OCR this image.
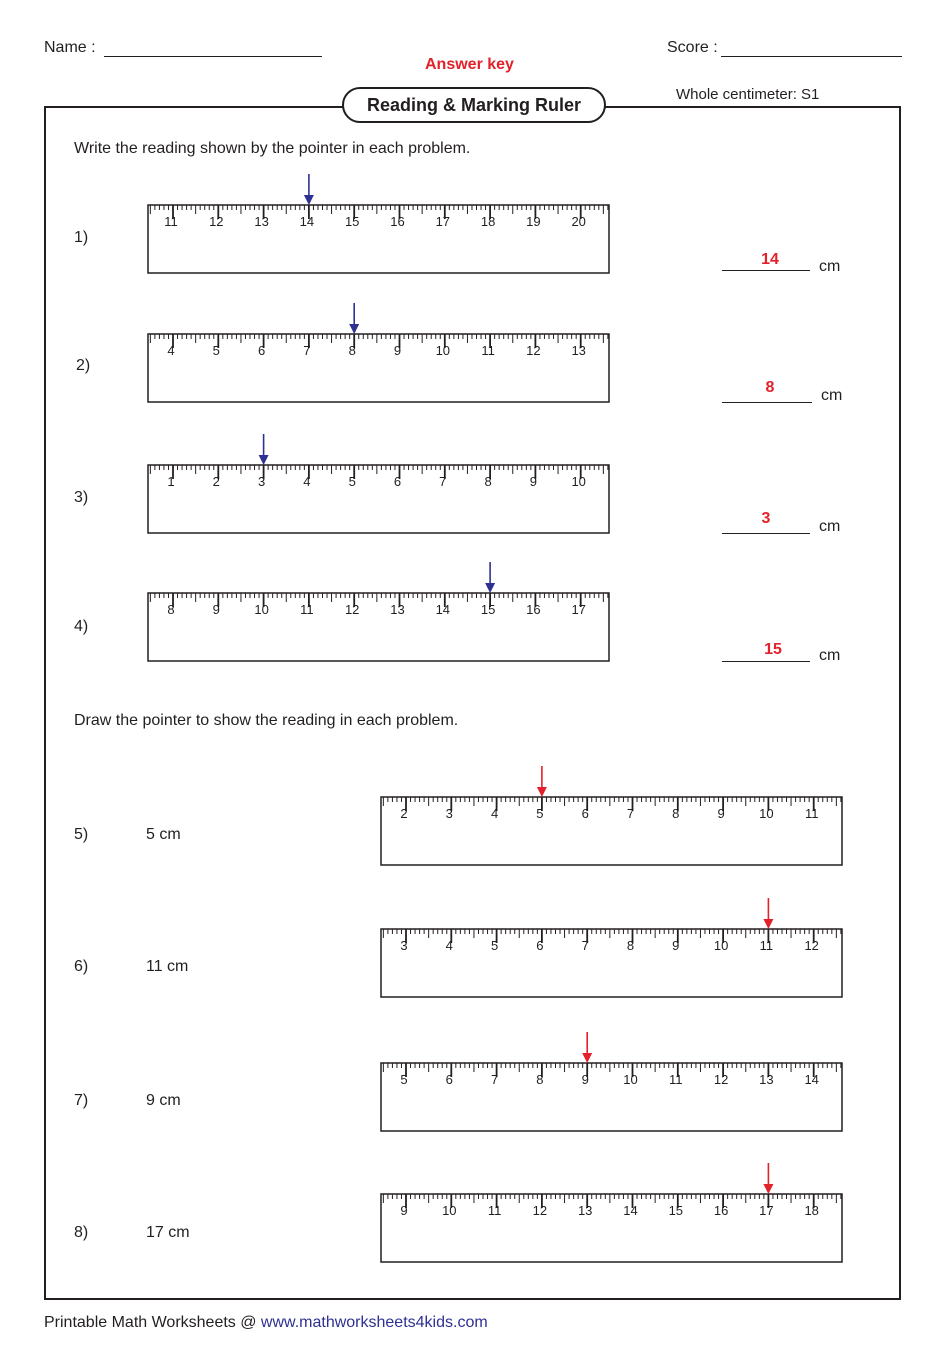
Name :	Score :
Answer key
Whole centimeter: S1
Reading & Marking Ruler
Write the reading shown by the pointer in each problem.
1)
11 12 13 14 15 16 17 18 19 20
14	cm
2)
4	5	6	7	8	9	10 11 12 13
8	cm
3)
1	2	3	4	5	6	7	8	9	10
3	cm
4)
8	9	10 11 12 13 14 15 16 17
15	cm
Draw the pointer to show the reading in each problem.
5)	5 cm
2	3	4	5	6	7	8	9	10 11
6)	11 cm
3	4	5	6	7	8	9	10 11 12
7)	9 cm
5	6	7	8	9	10 11 12 13 14
8)	17 cm
9	10 11 12 13 14 15 16 17 18
Printable Math Worksheets @ www.mathworksheets4kids.com
